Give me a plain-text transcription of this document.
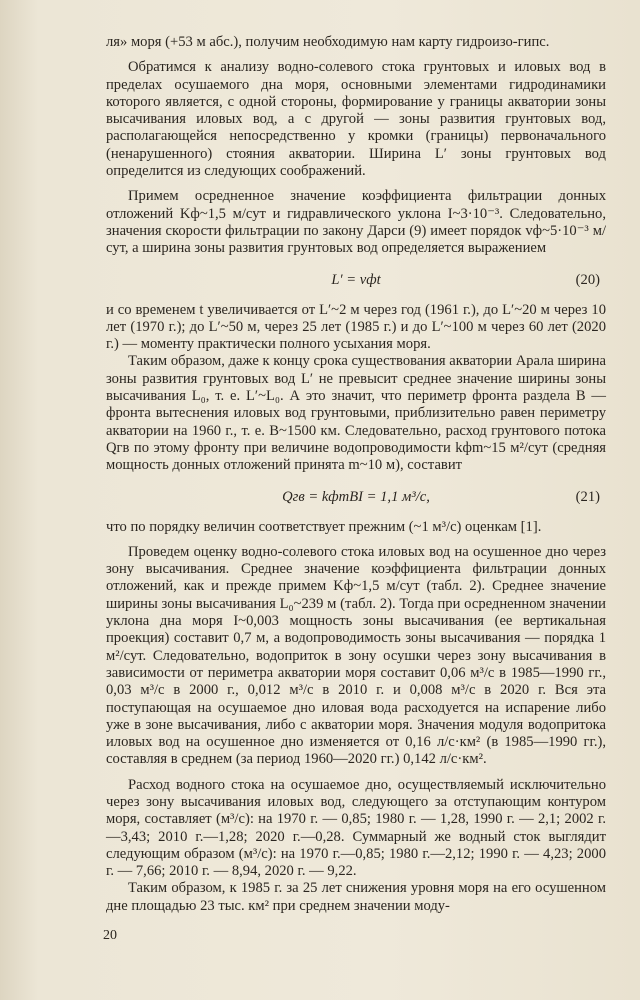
ля» моря (+53 м абс.), получим необходимую нам карту гидроизо-гипс.

Обратимся к анализу водно-солевого стока грунтовых и иловых вод в пределах осушаемого дна моря, основными элементами гидродинамики которого является, с одной стороны, формирование у границы акватории зоны высачивания иловых вод, а с другой — зоны развития грунтовых вод, располагающейся непосредственно у кромки (границы) первоначального (ненарушенного) стояния акватории. Ширина L′ зоны грунтовых вод определится из следующих соображений.

Примем осредненное значение коэффициента фильтрации донных отложений Kф~1,5 м/сут и гидравлического уклона I~3·10⁻³. Следовательно, значения скорости фильтрации по закону Дарси (9) имеет порядок vф~5·10⁻³ м/сут, а ширина зоны развития грунтовых вод определяется выражением

L′ = vфt	(20)

и со временем t увеличивается от L′~2 м через год (1961 г.), до L′~20 м через 10 лет (1970 г.); до L′~50 м, через 25 лет (1985 г.) и до L′~100 м через 60 лет (2020 г.) — моменту практически полного усыхания моря.

Таким образом, даже к концу срока существования акватории Арала ширина зоны развития грунтовых вод L′ не превысит среднее значение ширины зоны высачивания L₀, т. е. L′~L₀. А это значит, что периметр фронта раздела B — фронта вытеснения иловых вод грунтовыми, приблизительно равен периметру акватории на 1960 г., т. е. B~1500 км. Следовательно, расход грунтового потока Qгв по этому фронту при величине водопроводимости kфm~15 м²/сут (средняя мощность донных отложений принята m~10 м), составит

Qгв = kфmBI = 1,1 м³/с,	(21)

что по порядку величин соответствует прежним (~1 м³/с) оценкам [1].

Проведем оценку водно-солевого стока иловых вод на осушенное дно через зону высачивания. Среднее значение коэффициента фильтрации донных отложений, как и прежде примем Kф~1,5 м/сут (табл. 2). Среднее значение ширины зоны высачивания L₀~239 м (табл. 2). Тогда при осредненном значении уклона дна моря I~0,003 мощность зоны высачивания (ее вертикальная проекция) составит 0,7 м, а водопроводимость зоны высачивания — порядка 1 м²/сут. Следовательно, водоприток в зону осушки через зону высачивания в зависимости от периметра акватории моря составит 0,06 м³/с в 1985—1990 гг., 0,03 м³/с в 2000 г., 0,012 м³/с в 2010 г. и 0,008 м³/с в 2020 г. Вся эта поступающая на осушаемое дно иловая вода расходуется на испарение либо уже в зоне высачивания, либо с акватории моря. Значения модуля водопритока иловых вод на осушенное дно изменяется от 0,16 л/с·км² (в 1985—1990 гг.), составляя в среднем (за период 1960—2020 гг.) 0,142 л/с·км².

Расход водного стока на осушаемое дно, осуществляемый исключительно через зону высачивания иловых вод, следующего за отступающим контуром моря, составляет (м³/с): на 1970 г. — 0,85; 1980 г. — 1,28, 1990 г. — 2,1; 2002 г.—3,43; 2010 г.—1,28; 2020 г.—0,28. Суммарный же водный сток выглядит следующим образом (м³/с): на 1970 г.—0,85; 1980 г.—2,12; 1990 г. — 4,23; 2000 г. — 7,66; 2010 г. — 8,94, 2020 г. — 9,22.

Таким образом, к 1985 г. за 25 лет снижения уровня моря на его осушенном дне площадью 23 тыс. км² при среднем значении моду-

20
